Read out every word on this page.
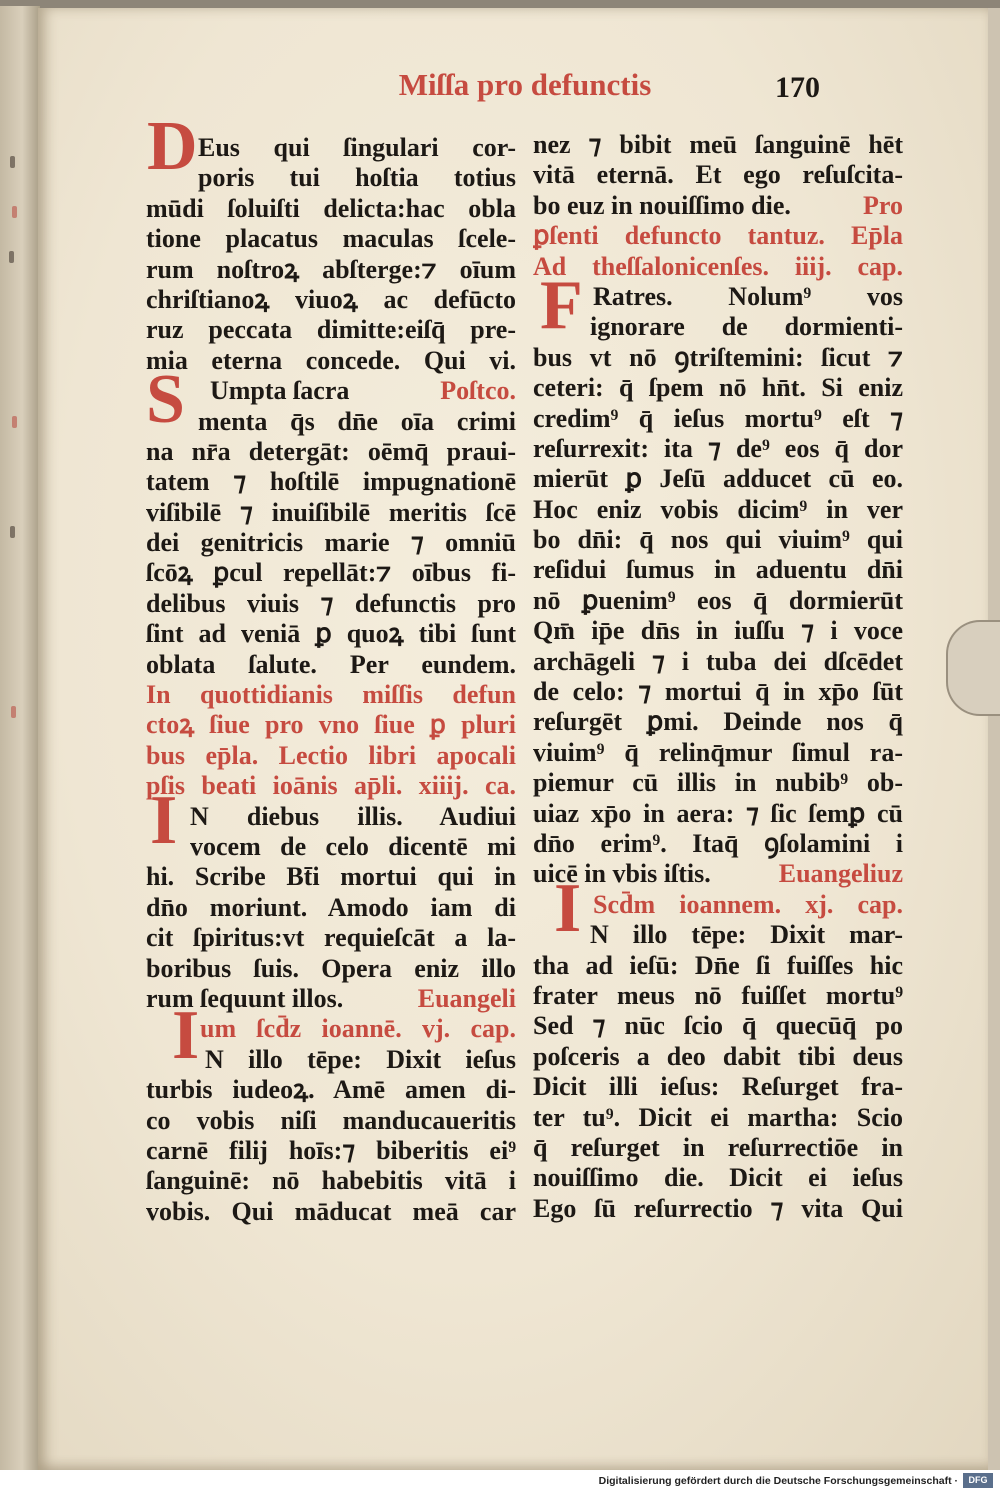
Miſſa pro defunctis	170
D
S
I
I
F
I
Eus qui ſingulari cor-
poris tui hoſtia totius
mūdi ſoluiſti delicta:hac obla
tione placatus maculas ſcele-
rum noſtroꝝ abſterge:⁊ oīum
chriſtianoꝝ viuoꝝ ac defūcto
ruz peccata dimitte:eiſq̄ pre-
mia eterna concede. Qui vi.
Umpta ſacra	Poſtco.
menta q̄s dn̄e oīa crimi
na nr̄a detergāt: oēmq̄ praui-
tatem ⁊ hoſtilē impugnationē
viſibilē ⁊ inuiſibilē meritis ſcē
dei genitricis marie ⁊ omniū
ſcōꝝ ꝑcul repellāt:⁊ oībus fi-
delibus viuis ⁊ defunctis pro
ſint ad veniā ꝑ quoꝝ tibi ſunt
oblata ſalute. Per eundem.
In quottidianis miſſis defun
ctoꝝ ſiue pro vno ſiue ꝑ pluri
bus ep̄la. Lectio libri apocali
pſis beati ioānis ap̄li. xiiij. ca.
N diebus illis. Audiui
vocem de celo dicentē mi
hi. Scribe Bt̄i mortui qui in
dn̄o moriunt. Amodo iam di
cit ſpiritus:vt requieſcāt a la-
boribus ſuis. Opera eniz illo
rum ſequunt illos.	Euangeli
um ſcd̄z ioannē. vj. cap.
N illo tēpe: Dixit ieſus
turbis iudeoꝝ. Amē amen di-
co vobis niſi manducaueritis
carnē filij hoīs:⁊ biberitis ei⁹
ſanguinē: nō habebitis vitā i
vobis. Qui māducat meā car
nez ⁊ bibit meū ſanguinē hēt
vitā eternā. Et ego reſuſcita-
bo euz in nouiſſimo die.	Pro
ꝑſenti defuncto tantuz. Ep̄la
Ad theſſalonicenſes. iiij. cap.
Ratres. Nolum⁹ vos
ignorare de dormienti-
bus vt nō ꝯtriſtemini: ſicut ⁊
ceteri: q̄ ſpem nō hn̄t. Si eniz
credim⁹ q̄ ieſus mortu⁹ eſt ⁊
reſurrexit: ita ⁊ de⁹ eos q̄ dor
mierūt ꝑ Jeſū adducet cū eo.
Hoc eniz vobis dicim⁹ in ver
bo dn̄i: q̄ nos qui viuim⁹ qui
reſidui ſumus in aduentu dn̄i
nō ꝑuenim⁹ eos q̄ dormierūt
Qm̄ ip̄e dn̄s in iuſſu ⁊ i voce
archāgeli ⁊ i tuba dei dſcēdet
de celo: ⁊ mortui q̄ in xp̄o ſūt
reſurgēt ꝑmi. Deinde nos q̄
viuim⁹ q̄ relinq̄mur ſimul ra-
piemur cū illis in nubib⁹ ob-
uiaz xp̄o in aera: ⁊ ſic ſemꝑ cū
dn̄o erim⁹. Itaq̄ ꝯſolamini i
uicē in vbis iſtis.	Euangeliuz
Scd̄m ioannem. xj. cap.
N illo tēpe: Dixit mar-
tha ad ieſū: Dn̄e ſi fuiſſes hic
frater meus nō fuiſſet mortu⁹
Sed ⁊ nūc ſcio q̄ quecūq̄ po
poſceris a deo dabit tibi deus
Dicit illi ieſus: Reſurget fra-
ter tu⁹. Dicit ei martha: Scio
q̄ reſurget in reſurrectiōe in
nouiſſimo die. Dicit ei ieſus
Ego ſū reſurrectio ⁊ vita Qui
Digitalisierung gefördert durch die Deutsche Forschungsgemeinschaft ·	DFG
